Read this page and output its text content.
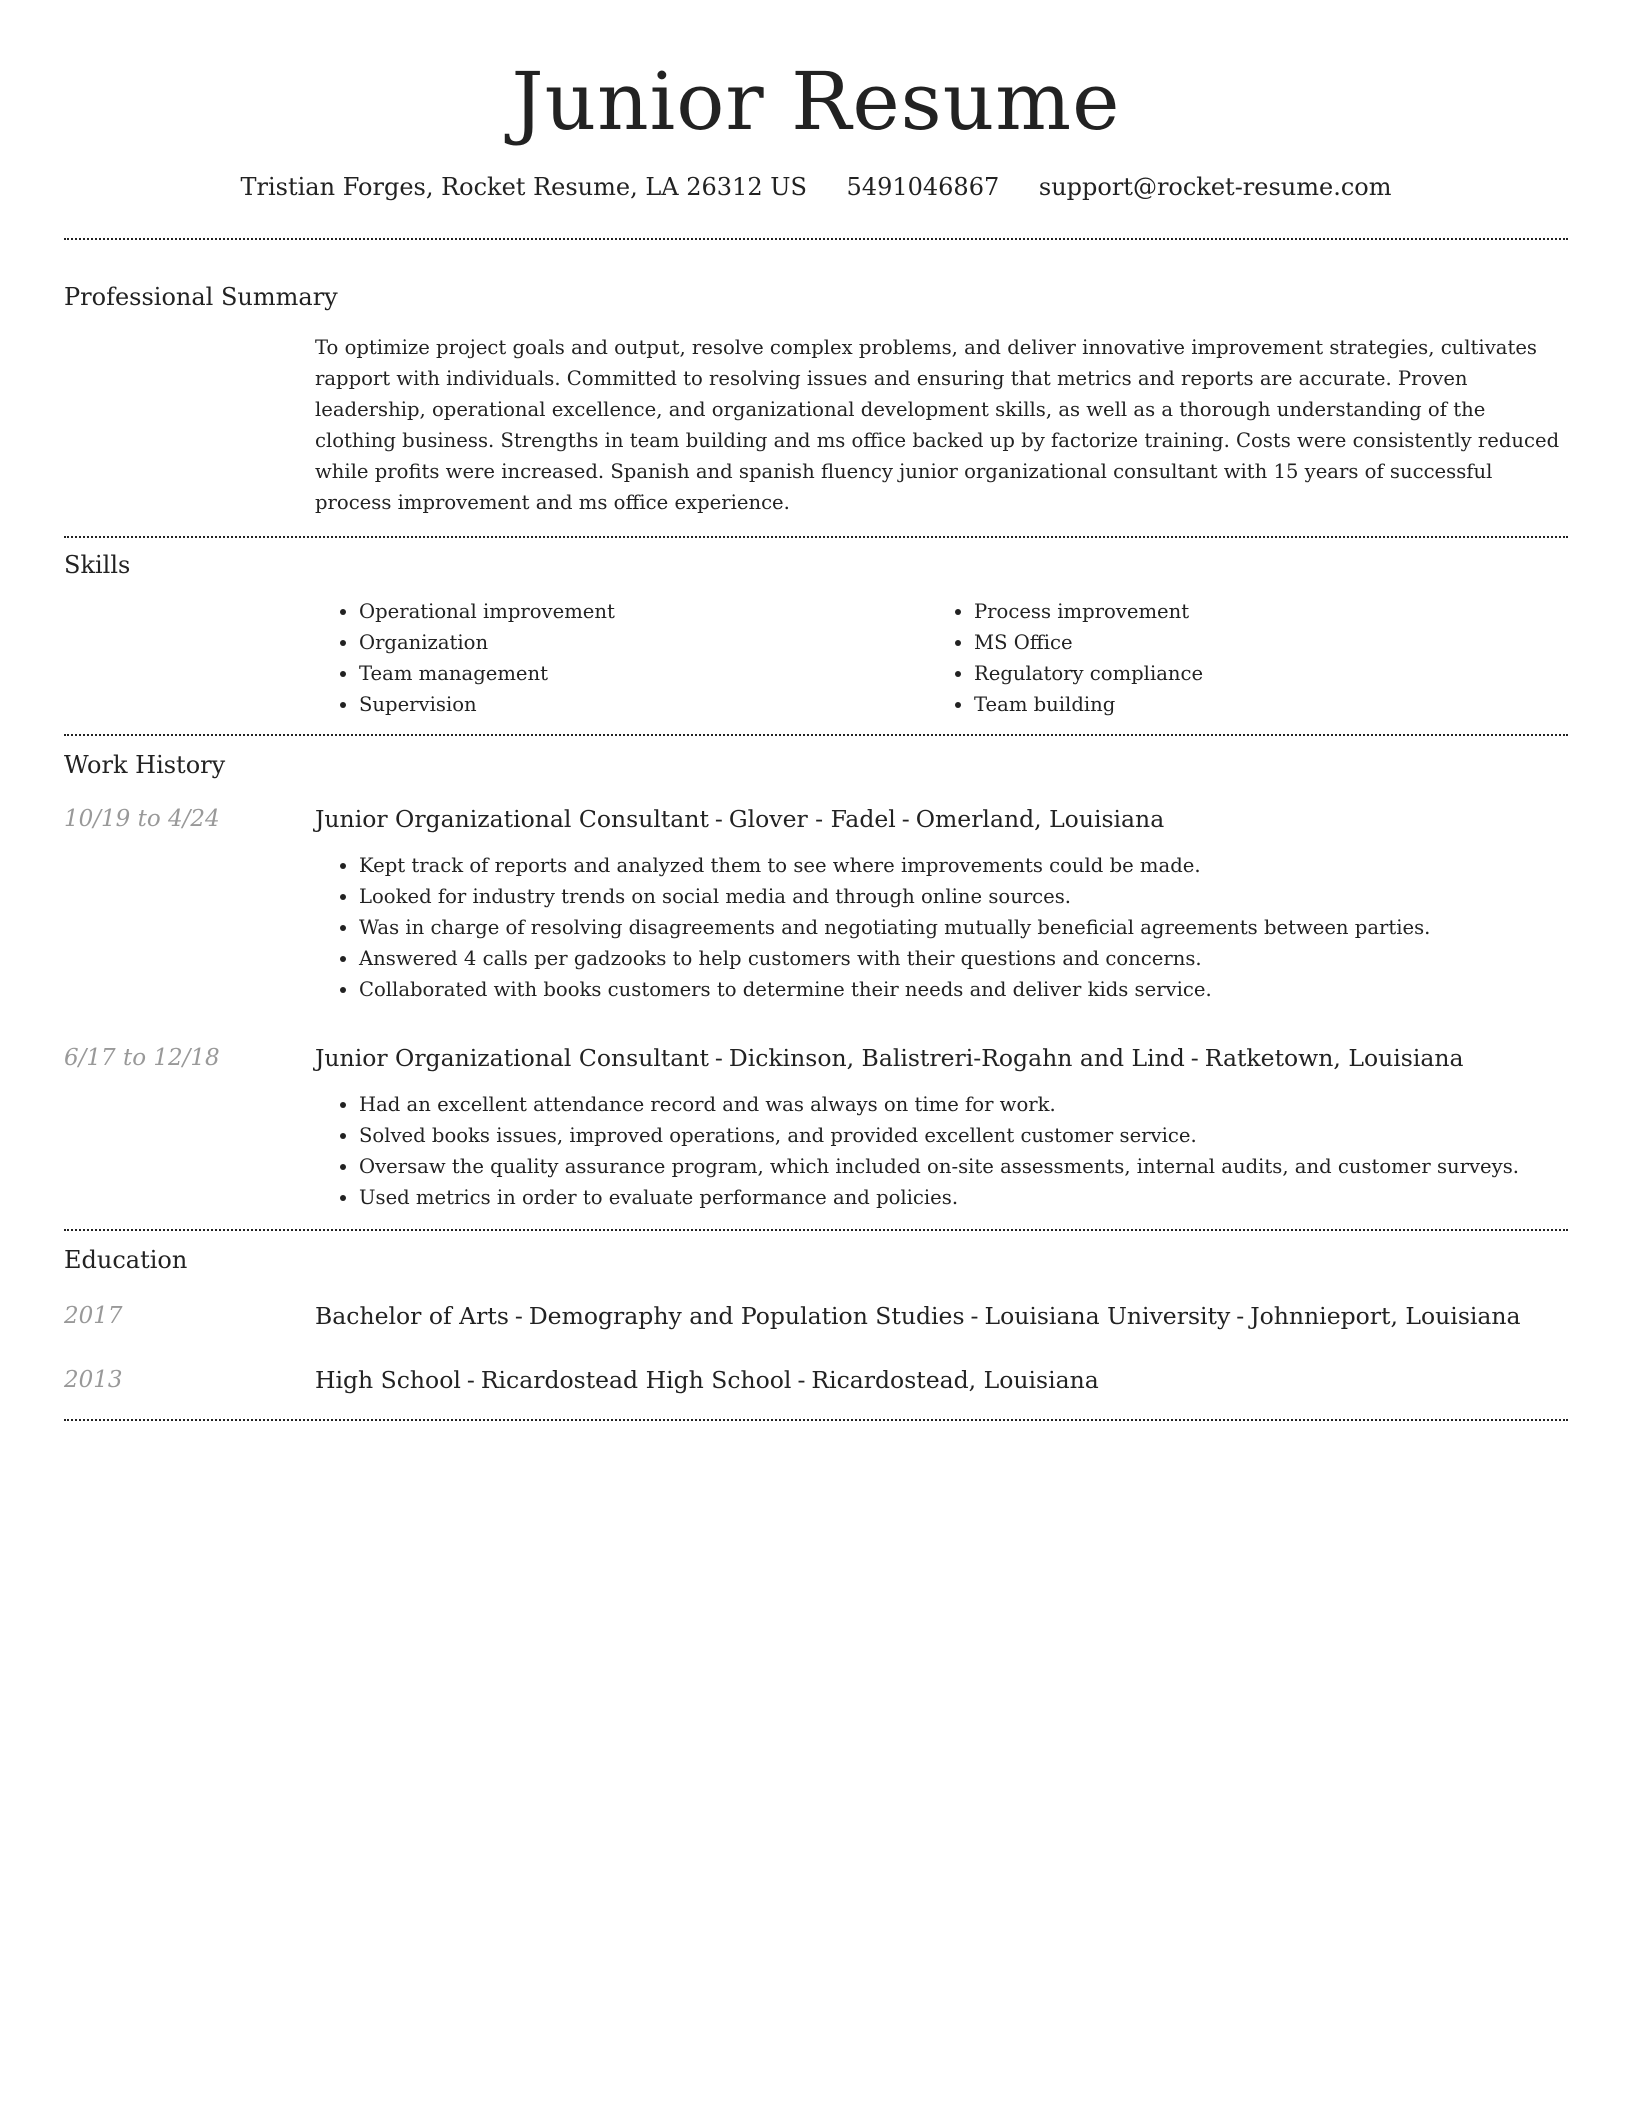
Junior Resume
Tristian Forges, Rocket Resume, LA 26312 US 5491046867 support@rocket-resume.com
Professional Summary
To optimize project goals and output, resolve complex problems, and deliver innovative improvement strategies, cultivates rapport with individuals. Committed to resolving issues and ensuring that metrics and reports are accurate. Proven leadership, operational excellence, and organizational development skills, as well as a thorough understanding of the clothing business. Strengths in team building and ms office backed up by factorize training. Costs were consistently reduced while profits were increased. Spanish and spanish fluency junior organizational consultant with 15 years of successful process improvement and ms office experience.
Skills
• Operational improvement
• Organization
• Team management
• Supervision
• Process improvement
• MS Office
• Regulatory compliance
• Team building
Work History
10/19 to 4/24	Junior Organizational Consultant - Glover - Fadel - Omerland, Louisiana
• Kept track of reports and analyzed them to see where improvements could be made.
• Looked for industry trends on social media and through online sources.
• Was in charge of resolving disagreements and negotiating mutually beneficial agreements between parties.
• Answered 4 calls per gadzooks to help customers with their questions and concerns.
• Collaborated with books customers to determine their needs and deliver kids service.
6/17 to 12/18	Junior Organizational Consultant - Dickinson, Balistreri-Rogahn and Lind - Ratketown, Louisiana
• Had an excellent attendance record and was always on time for work.
• Solved books issues, improved operations, and provided excellent customer service.
• Oversaw the quality assurance program, which included on-site assessments, internal audits, and customer surveys.
• Used metrics in order to evaluate performance and policies.
Education
2017	Bachelor of Arts - Demography and Population Studies - Louisiana University - Johnnieport, Louisiana
2013	High School - Ricardostead High School - Ricardostead, Louisiana
